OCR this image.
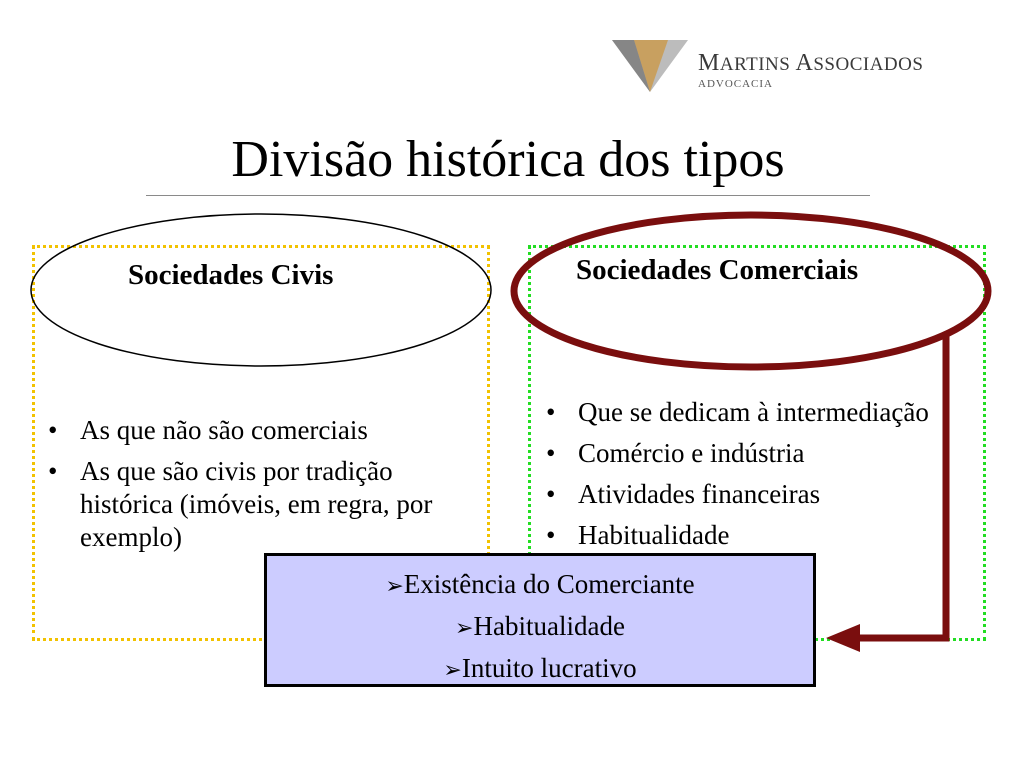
MARTINS ASSOCIADOS
ADVOCACIA
Divisão histórica dos tipos
Sociedades Civis	Sociedades Comerciais
• As que não são comerciais
• As que são civis por tradição histórica (imóveis, em regra, por exemplo)
• Que se dedicam à intermediação
• Comércio e indústria
• Atividades financeiras
• Habitualidade
➢Existência do Comerciante
➢Habitualidade
➢Intuito lucrativo
